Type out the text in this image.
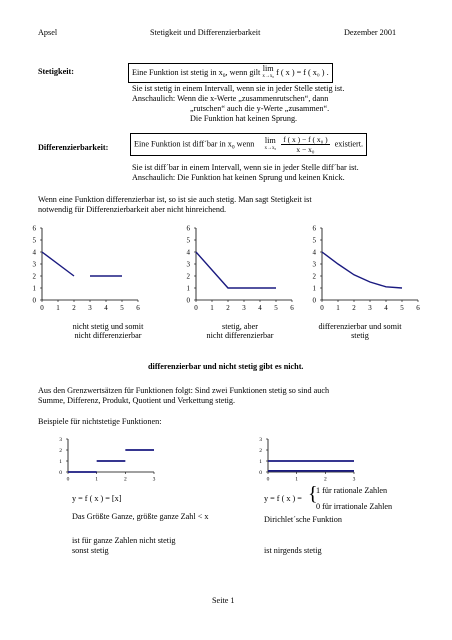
Apsel	Stetigkeit und Differenzierbarkeit	Dezember 2001
Stetigkeit:	Eine Funktion ist stetig in $x_0$, wenn gilt lim
x→x₀ f ( x ) = f ( x₀ ) .
Sie ist stetig in einem Intervall, wenn sie in jeder Stelle stetig ist.
Anschaulich: Wenn die x-Werte „zusammenrutschen“, dann
„rutschen“ auch die y-Werte „zusammen“.
Die Funktion hat keinen Sprung.
Differenzierbarkeit:	Eine Funktion ist diff´bar in $x_0$ wenn lim
x→x₀
$\frac{\text{f ( x ) − f ( x₀ )}}{\text{x − x₀}}$ existiert.
Sie ist diff´bar in einem Intervall, wenn sie in jeder Stelle diff´bar ist.
Anschaulich: Die Funktion hat keinen Sprung und keinen Knick.
Wenn eine Funktion differenzierbar ist, so ist sie auch stetig. Man sagt Stetigkeit ist
notwendig für Differenzierbarkeit aber nicht hinreichend.
0
1
2
3
4
5
6
0 1 2 3 4 5 6
0
1
2
3
4
5
6
0 1 2 3 4 5 6
0
1
2
3
4
5
6
0 1 2 3 4 5 6
nicht stetig und somit
nicht differenzierbar
stetig, aber
nicht differenzierbar
differenzierbar und somit
stetig
differenzierbar und nicht stetig gibt es nicht.
Aus den Grenzwertsätzen für Funktionen folgt: Sind zwei Funktionen stetig so sind auch
Summe, Differenz, Produkt, Quotient und Verkettung stetig.
Beispiele für nichtstetige Funktionen:
0
1
2
3
0	1	2	3
0
1
2
3
0	1	2	3
y = f ( x ) = [x]
Das Größte Ganze, größte ganze Zahl < x
ist für ganze Zahlen nicht stetig
sonst stetig
y = f ( x ) = {
1 für rationale Zahlen
0 für irrationale Zahlen
Dirichlet´sche Funktion
ist nirgends stetig
Seite 1
